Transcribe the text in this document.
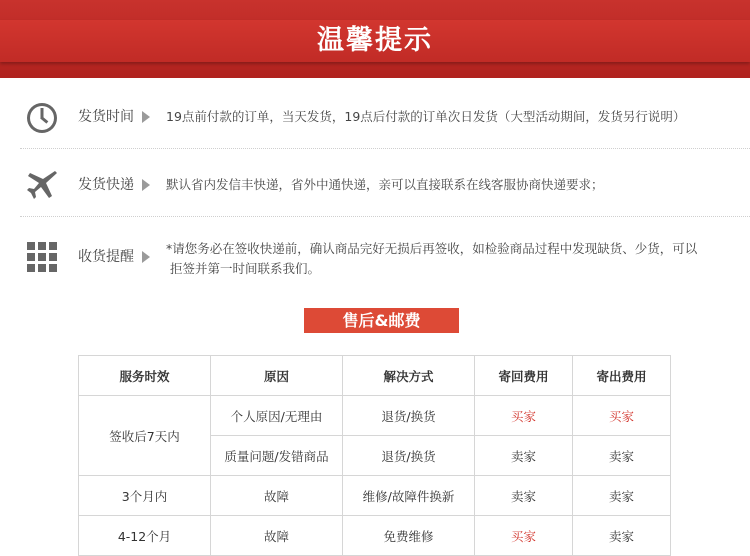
温馨提示
发货时间	19点前付款的订单，当天发货，19点后付款的订单次日发货（大型活动期间，发货另行说明）
发货快递	默认省内发信丰快递，省外中通快递，亲可以直接联系在线客服协商快递要求；
收货提醒
*请您务必在签收快递前，确认商品完好无损后再签收，如检验商品过程中发现缺货、少货，可以
拒签并第一时间联系我们。
售后&邮费
服务时效	原因	解决方式	寄回费用	寄出费用
签收后7天内	个人原因/无理由	退货/换货	买家	买家
	质量问题/发错商品	退货/换货	卖家	卖家
3个月内	故障	维修/故障件换新	卖家	卖家
4-12个月	故障	免费维修	买家	卖家
